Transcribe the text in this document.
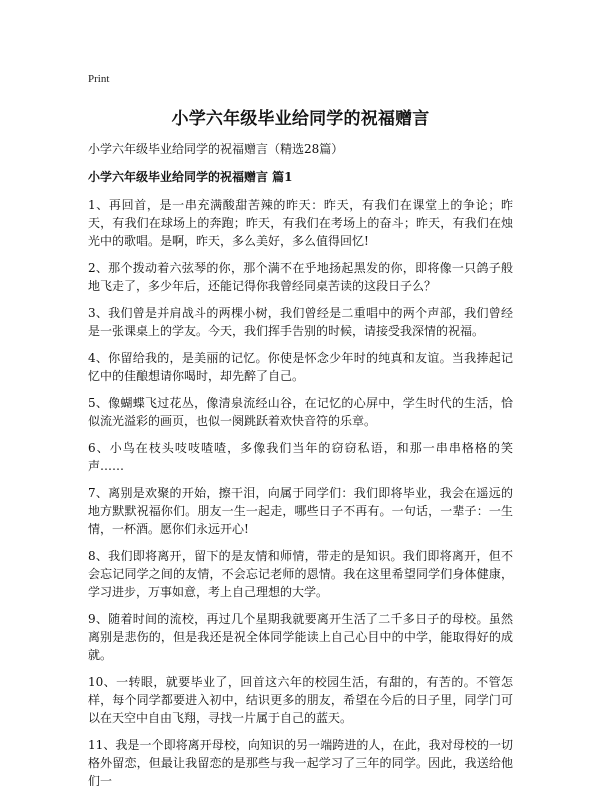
Print
小学六年级毕业给同学的祝福赠言
小学六年级毕业给同学的祝福赠言（精选28篇）
小学六年级毕业给同学的祝福赠言 篇1

1、再回首，是一串充满酸甜苦辣的昨天：昨天，有我们在课堂上的争论；昨天，有我们在球场上的奔跑；昨天，有我们在考场上的奋斗；昨天，有我们在烛光中的歌唱。是啊，昨天，多么美好，多么值得回忆!

2、那个拨动着六弦琴的你，那个满不在乎地扬起黑发的你，即将像一只鸽子般地飞走了，多少年后，还能记得你我曾经同桌苦读的这段日子么？

3、我们曾是并肩战斗的两棵小树，我们曾经是二重唱中的两个声部，我们曾经是一张课桌上的学友。今天，我们挥手告别的时候，请接受我深情的祝福。

4、你留给我的，是美丽的记忆。你使是怀念少年时的纯真和友谊。当我捧起记忆中的佳酿想请你喝时，却先醉了自己。

5、像蝴蝶飞过花丛，像清泉流经山谷，在记忆的心屏中，学生时代的生活，恰似流光溢彩的画页，也似一阕跳跃着欢快音符的乐章。

6、小鸟在枝头吱吱喳喳，多像我们当年的窃窃私语，和那一串串格格的笑声……

7、离别是欢聚的开始，擦干泪，向属于同学们：我们即将毕业，我会在遥远的地方默默祝福你们。朋友一生一起走，哪些日子不再有。一句话，一辈子：一生情，一杯酒。愿你们永远开心!

8、我们即将离开，留下的是友情和师情，带走的是知识。我们即将离开，但不会忘记同学之间的友情，不会忘记老师的恩情。我在这里希望同学们身体健康，学习进步，万事如意，考上自己理想的大学。

9、随着时间的流校，再过几个星期我就要离开生活了二千多日子的母校。虽然离别是悲伤的，但是我还是祝全体同学能读上自己心目中的中学，能取得好的成就。

10、一转眼，就要毕业了，回首这六年的校园生活，有甜的，有苦的。不管怎样，每个同学都要进入初中，结识更多的朋友，希望在今后的日子里，同学门可以在天空中自由飞翔，寻找一片属于自己的蓝天。

11、我是一个即将离开母校，向知识的另一端跨进的人，在此，我对母校的一切格外留恋，但最让我留恋的是那些与我一起学习了三年的同学。因此，我送给他们一
